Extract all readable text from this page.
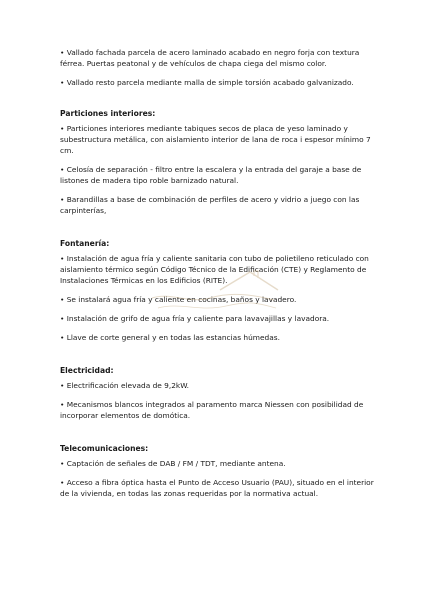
• Vallado fachada parcela de acero laminado acabado en negro forja con textura férrea. Puertas peatonal y de vehículos de chapa ciega del mismo color.

• Vallado resto parcela mediante malla de simple torsión acabado galvanizado.

Particiones interiores:

• Particiones interiores mediante tabiques secos de placa de yeso laminado y subestructura metálica, con aislamiento interior de lana de roca i espesor mínimo 7 cm.

• Celosía de separación - filtro entre la escalera y la entrada del garaje a base de listones de madera tipo roble barnizado natural.

• Barandillas a base de combinación de perfiles de acero y vidrio a juego con las carpinterías,

Fontanería:

• Instalación de agua fría y caliente sanitaria con tubo de polietileno reticulado con aislamiento térmico según Código Técnico de la Edificación (CTE) y Reglamento de Instalaciones Térmicas en los Edificios (RITE).

• Se instalará agua fría y caliente en cocinas, baños y lavadero.

• Instalación de grifo de agua fría y caliente para lavavajillas y lavadora.

• Llave de corte general y en todas las estancias húmedas.

Electricidad:

• Electrificación elevada de 9,2kW.

• Mecanismos blancos integrados al paramento marca Niessen con posibilidad de incorporar elementos de domótica.

Telecomunicaciones:

• Captación de señales de DAB / FM / TDT, mediante antena.

• Acceso a fibra óptica hasta el Punto de Acceso Usuario (PAU), situado en el interior de la vivienda, en todas las zonas requeridas por la normativa actual.
